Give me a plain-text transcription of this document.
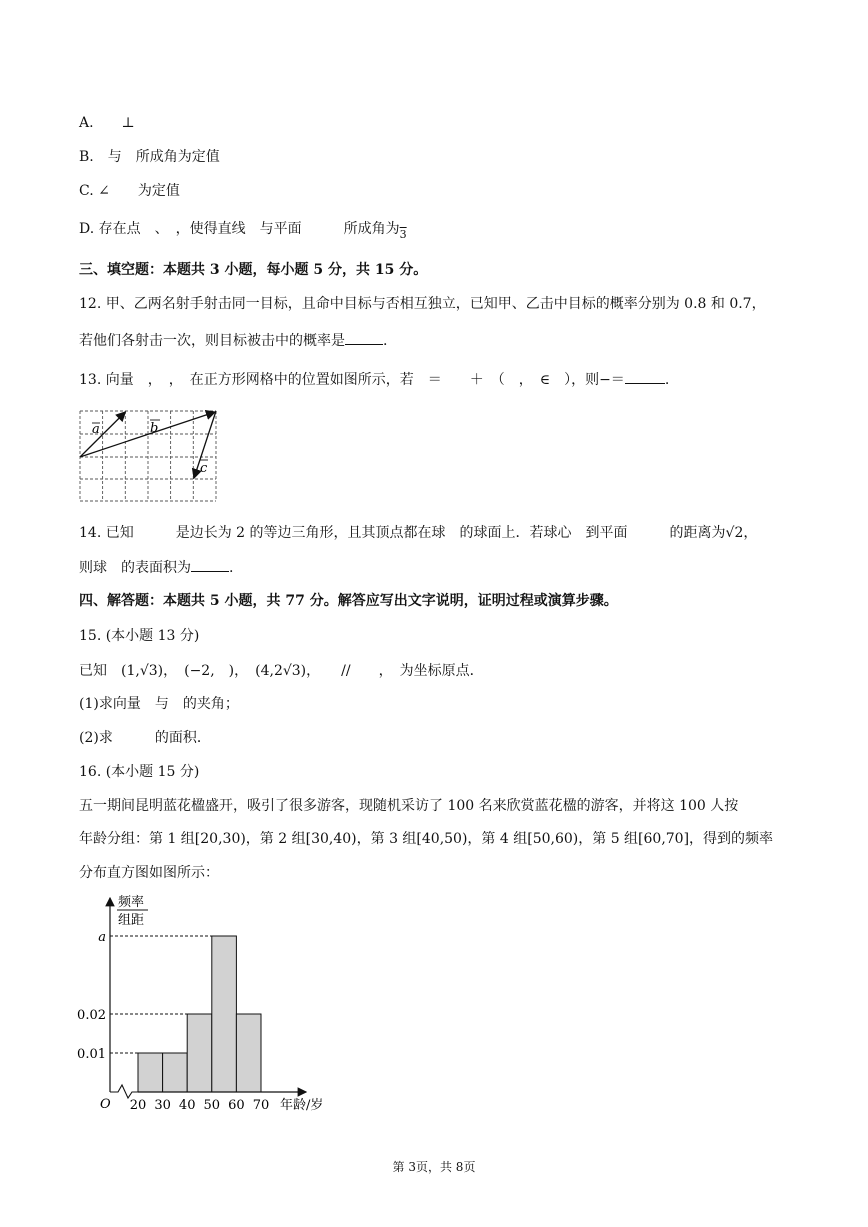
A.　　⊥
B.　与　所成角为定值
C. ∠　　为定值
D. 存在点　、　，使得直线　与平面　　　所成角为$_3$
三、填空题：本题共 3 小题，每小题 5 分，共 15 分。
12. 甲、乙两名射手射击同一目标，且命中目标与否相互独立，已知甲、乙击中目标的概率分别为 0.8 和 0.7，
若他们各射击一次，则目标被击中的概率是	.
13. 向量　，　，　在正方形网格中的位置如图所示，若　＝　　＋　（　，　∈　），则−＝	.
a	b
c
14. 已知　　　是边长为 2 的等边三角形，且其顶点都在球　的球面上．若球心　到平面　　　的距离为√2，
则球　的表面积为	.
四、解答题：本题共 5 小题，共 77 分。解答应写出文字说明，证明过程或演算步骤。
15. (本小题 13 分)
已知　(1,√3)，　(−2,　)，　(4,2√3)，　　//　　，　为坐标原点．
(1)求向量　与　的夹角；
(2)求　　　的面积．
16. (本小题 15 分)
五一期间昆明蓝花楹盛开，吸引了很多游客，现随机采访了 100 名来欣赏蓝花楹的游客，并将这 100 人按
年龄分组：第 1 组[20,30)，第 2 组[30,40)，第 3 组[40,50)，第 4 组[50,60)，第 5 组[60,70]，得到的频率
分布直方图如图所示：
频率
组距
O	年龄/岁
20 30 40 50 60 70
0.01
0.02
a
第 3页，共 8页
